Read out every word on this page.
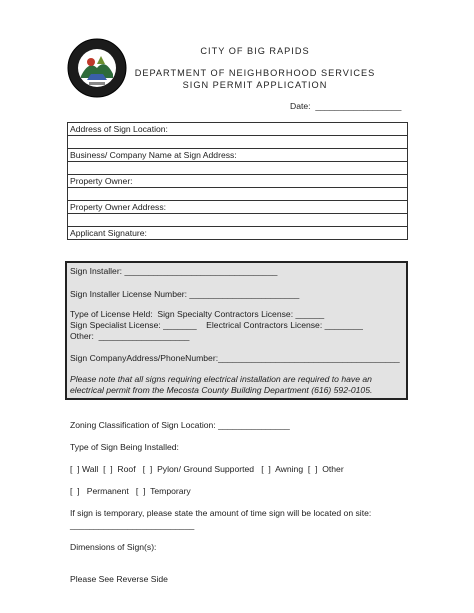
CITY OF BIG RAPIDS
DEPARTMENT OF NEIGHBORHOOD SERVICES
SIGN PERMIT APPLICATION
Date:  __________________
Address of Sign Location:
Business/ Company Name at Sign Address:
Property Owner:
Property Owner Address:
Applicant Signature:
Sign Installer: ________________________________
Sign Installer License Number: _______________________
Type of License Held:  Sign Specialty Contractors License: ______
Sign Specialist License: _______    Electrical Contractors License: ________
Other:  ___________________
Sign CompanyAddress/PhoneNumber:______________________________________
Please note that all signs requiring electrical installation are required to have an
electrical permit from the Mecosta County Building Department (616) 592-0105.
Zoning Classification of Sign Location: _______________
Type of Sign Being Installed:
[  ] Wall  [  ]  Roof   [  ]  Pylon/ Ground Supported   [  ]  Awning  [  ]  Other
[  ]   Permanent   [  ]  Temporary
If sign is temporary, please state the amount of time sign will be located on site:
__________________________
Dimensions of Sign(s):
Please See Reverse Side
